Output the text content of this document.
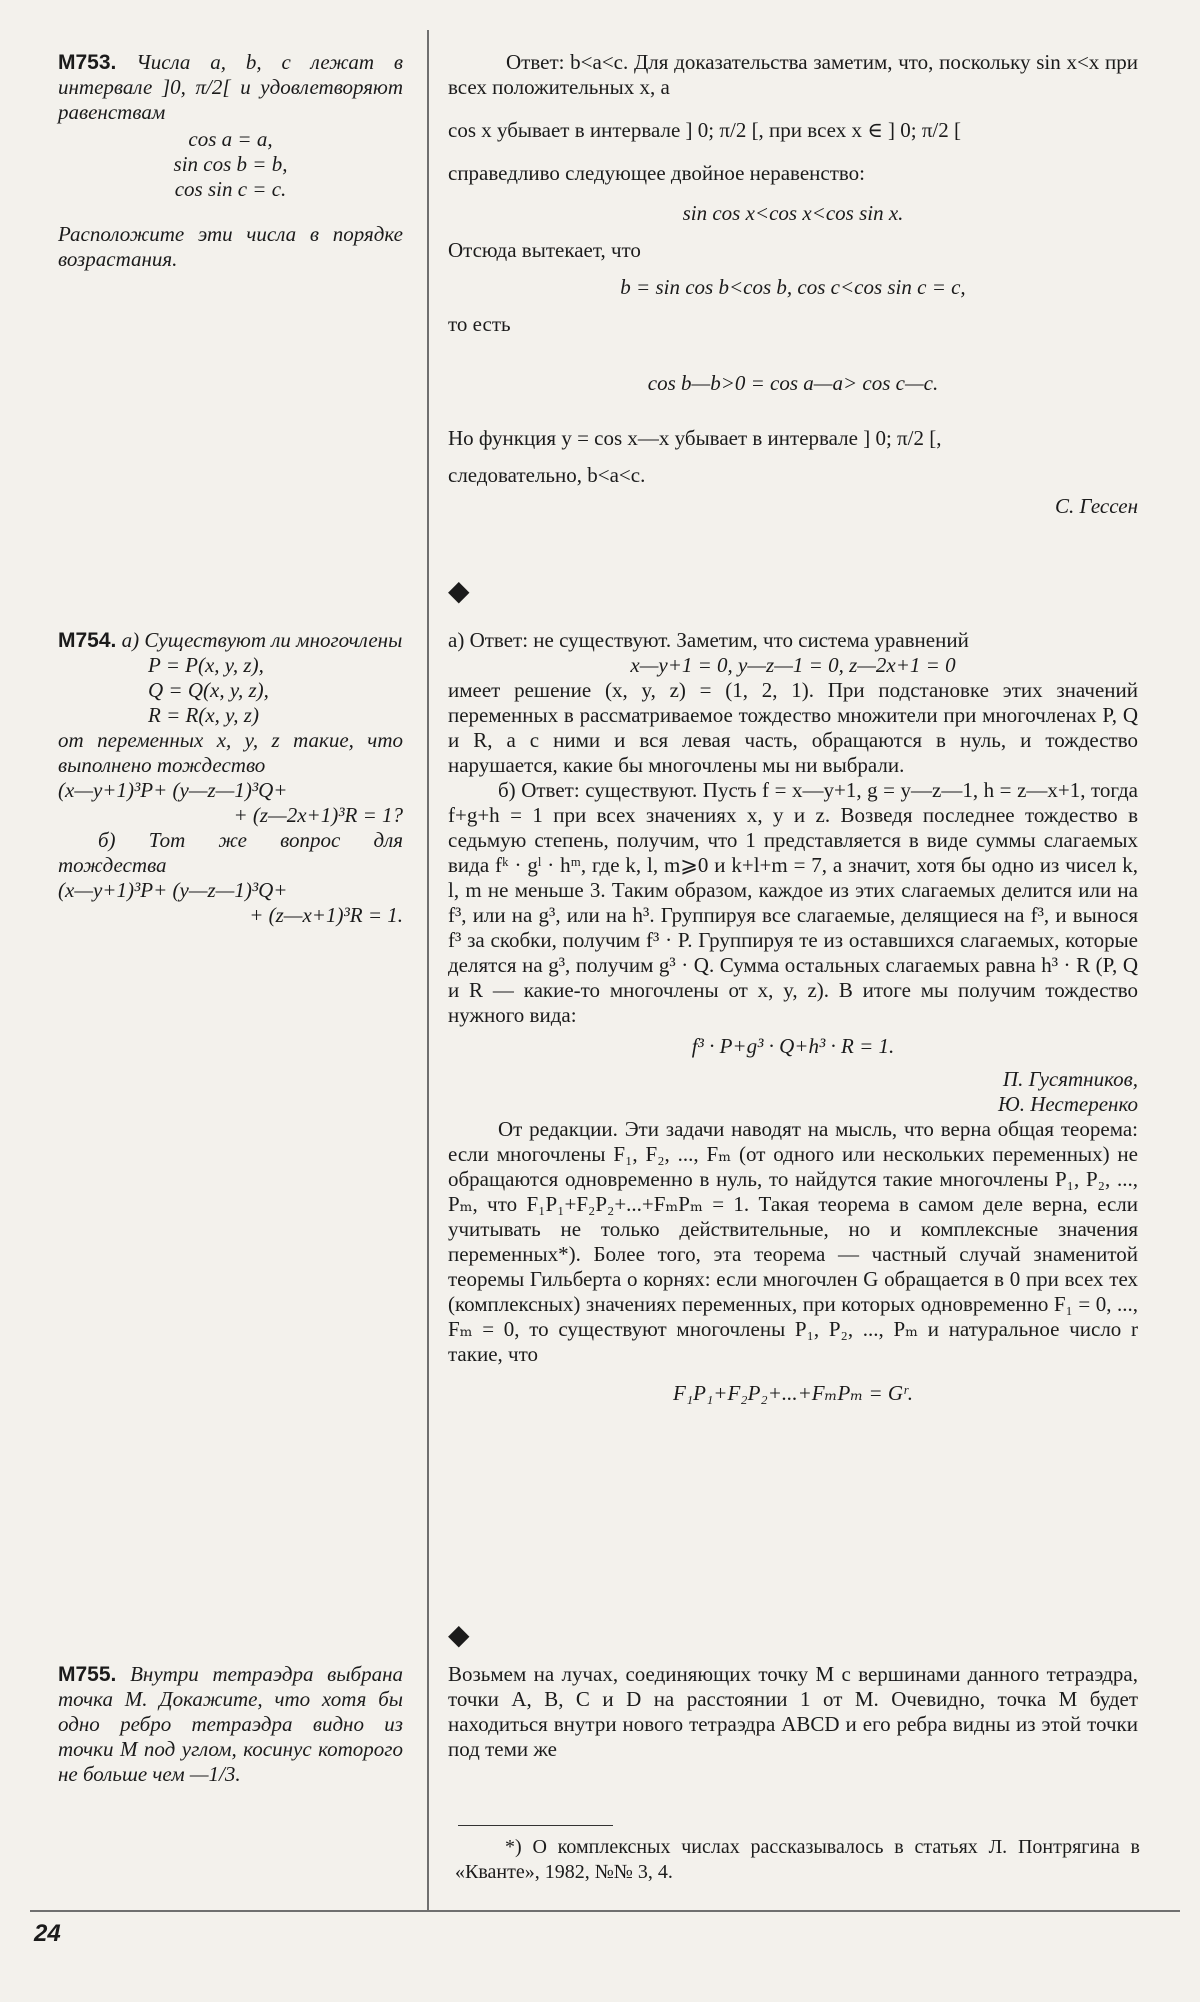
M753. Числа a, b, c лежат в интервале ]0, π/2[ и удовлетворяют равенствам

cos a = a,

sin cos b = b,

cos sin c = c.

Расположите эти числа в порядке возрастания.

Ответ: b<a<c. Для доказательства заметим, что, поскольку sin x<x при всех положительных x, а

cos x убывает в интервале ] 0; π/2 [, при всех x ∈ ] 0; π/2 [

справедливо следующее двойное неравенство:

sin cos x<cos x<cos sin x.

Отсюда вытекает, что

b = sin cos b<cos b, cos c<cos sin c = c,

то есть

cos b—b>0 = cos a—a> cos c—c.

Но функция y = cos x—x убывает в интервале ] 0; π/2 [,

следовательно, b<a<c.

С. Гессен

◆

M754. а) Существуют ли многочлены

P = P(x, y, z),

Q = Q(x, y, z),

R = R(x, y, z)

от переменных x, y, z такие, что выполнено тождество

(x—y+1)³P+ (y—z—1)³Q+

+ (z—2x+1)³R = 1?

б) Тот же вопрос для тождества

(x—y+1)³P+ (y—z—1)³Q+

+ (z—x+1)³R = 1.

а) Ответ: не существуют. Заметим, что система уравнений

x—y+1 = 0, y—z—1 = 0, z—2x+1 = 0

имеет решение (x, y, z) = (1, 2, 1). При подстановке этих значений переменных в рассматриваемое тождество множители при многочленах P, Q и R, а с ними и вся левая часть, обращаются в нуль, и тождество нарушается, какие бы многочлены мы ни выбрали.

б) Ответ: существуют. Пусть f = x—y+1, g = y—z—1, h = z—x+1, тогда f+g+h = 1 при всех значениях x, y и z. Возведя последнее тождество в седьмую степень, получим, что 1 представляется в виде суммы слагаемых вида fᵏ · gˡ · hᵐ, где k, l, m⩾0 и k+l+m = 7, а значит, хотя бы одно из чисел k, l, m не меньше 3. Таким образом, каждое из этих слагаемых делится или на f³, или на g³, или на h³. Группируя все слагаемые, делящиеся на f³, и вынося f³ за скобки, получим f³ · P. Группируя те из оставшихся слагаемых, которые делятся на g³, получим g³ · Q. Сумма остальных слагаемых равна h³ · R (P, Q и R — какие-то многочлены от x, y, z). В итоге мы получим тождество нужного вида:

f³ · P+g³ · Q+h³ · R = 1.

П. Гусятников,

Ю. Нестеренко

От редакции. Эти задачи наводят на мысль, что верна общая теорема: если многочлены F₁, F₂, ..., Fₘ (от одного или нескольких переменных) не обращаются одновременно в нуль, то найдутся такие многочлены P₁, P₂, ..., Pₘ, что F₁P₁+F₂P₂+...+FₘPₘ = 1. Такая теорема в самом деле верна, если учитывать не только действительные, но и комплексные значения переменных*). Более того, эта теорема — частный случай знаменитой теоремы Гильберта о корнях: если многочлен G обращается в 0 при всех тех (комплексных) значениях переменных, при которых одновременно F₁ = 0, ..., Fₘ = 0, то существуют многочлены P₁, P₂, ..., Pₘ и натуральное число r такие, что

F₁P₁+F₂P₂+...+FₘPₘ = Gʳ.

◆

M755. Внутри тетраэдра выбрана точка M. Докажите, что хотя бы одно ребро тетраэдра видно из точки M под углом, косинус которого не больше чем —1/3.

Возьмем на лучах, соединяющих точку M с вершинами данного тетраэдра, точки A, B, C и D на расстоянии 1 от M. Очевидно, точка M будет находиться внутри нового тетраэдра ABCD и его ребра видны из этой точки под теми же

*) О комплексных числах рассказывалось в статьях Л. Понтрягина в «Кванте», 1982, №№ 3, 4.
24
